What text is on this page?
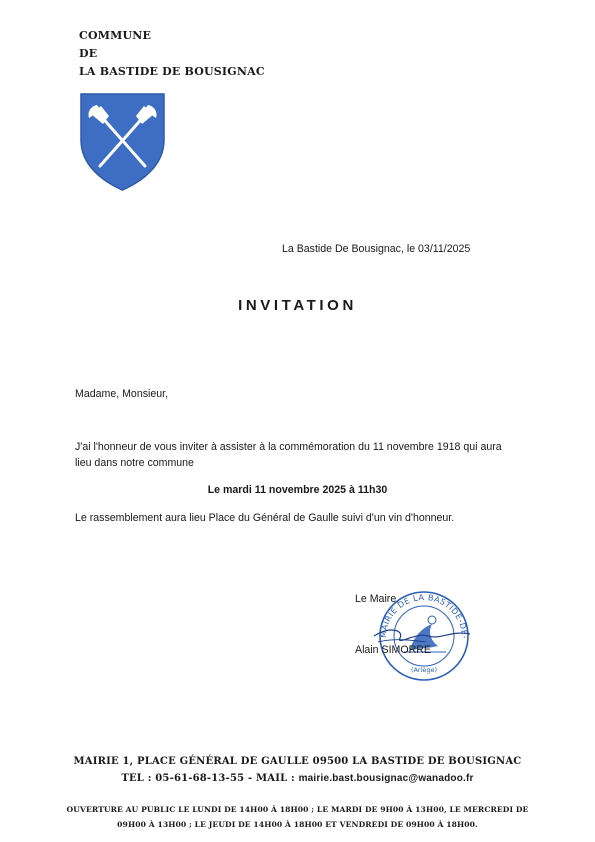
COMMUNE
DE
LA BASTIDE DE BOUSIGNAC
La Bastide De Bousignac, le 03/11/2025
INVITATION
Madame, Monsieur,
J'ai l'honneur de vous inviter à assister à la commémoration du 11 novembre 1918 qui aura
lieu dans notre commune
Le mardi 11 novembre 2025 à 11h30
Le rassemblement aura lieu Place du Général de Gaulle suivi d'un vin d'honneur.
Le Maire,
MAIRIE DE LA BASTIDE-DE-
(Ariège)
Alain SIMORRE
MAIRIE 1, PLACE GÉNÉRAL DE GAULLE 09500 LA BASTIDE DE BOUSIGNAC
TEL : 05-61-68-13-55 - MAIL : mairie.bast.bousignac@wanadoo.fr
OUVERTURE AU PUBLIC LE LUNDI DE 14H00 À 18H00 ; LE MARDI DE 9H00 À 13H00, LE MERCREDI DE
09H00 À 13H00 ; LE JEUDI DE 14H00 À 18H00 ET VENDREDI DE 09H00 À 18H00.
